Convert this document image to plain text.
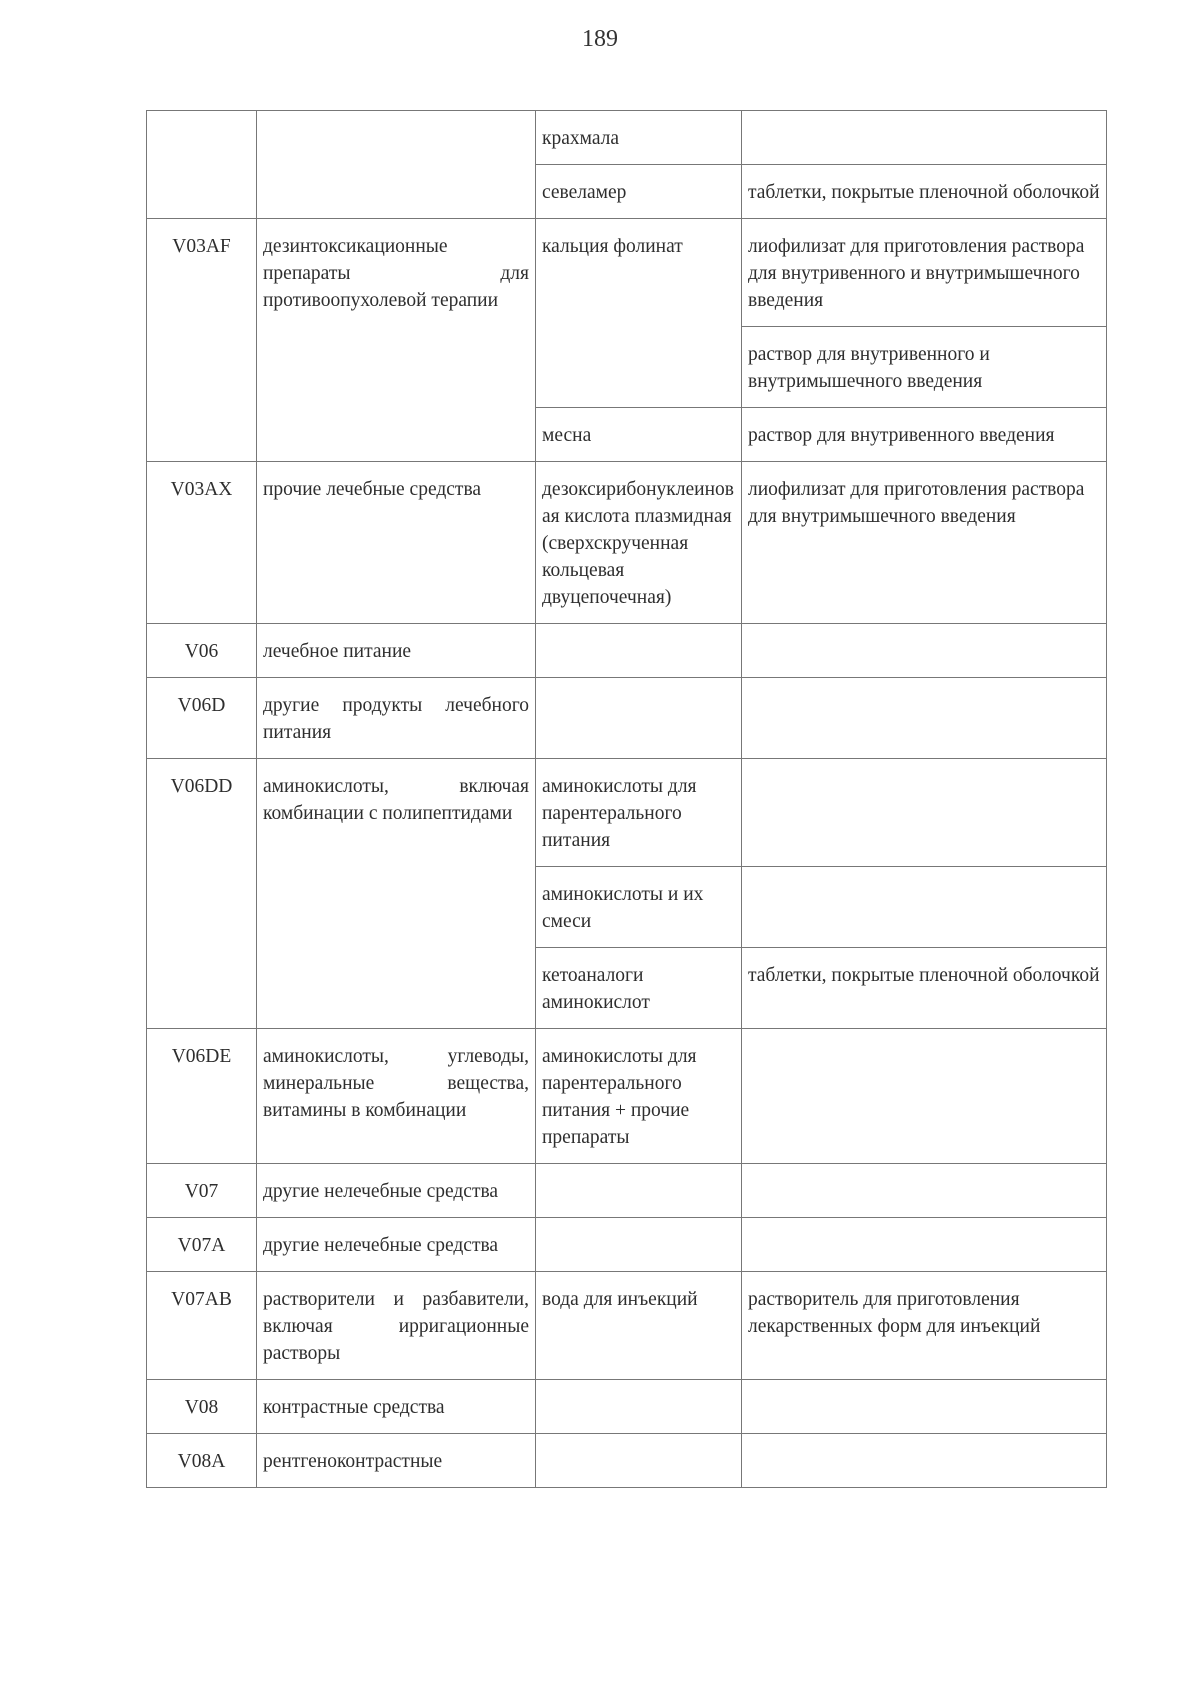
189
		крахмала	
		севеламер	таблетки, покрытые пленочной оболочкой
V03AF	дезинтоксикационные препараты для противоопухолевой терапии	кальция фолинат	лиофилизат для приготовления раствора для внутривенного и внутримышечного введения
			раствор для внутривенного и внутримышечного введения
		месна	раствор для внутривенного введения
V03AX	прочие лечебные средства	дезоксирибонуклеиновая кислота плазмидная (сверхскрученная кольцевая двуцепочечная)	лиофилизат для приготовления раствора для внутримышечного введения
V06	лечебное питание		
V06D	другие продукты лечебного питания		
V06DD	аминокислоты, включая комбинации с полипептидами	аминокислоты для парентерального питания	
		аминокислоты и их смеси	
		кетоаналоги аминокислот	таблетки, покрытые пленочной оболочкой
V06DE	аминокислоты, углеводы, минеральные вещества, витамины в комбинации	аминокислоты для парентерального питания + прочие препараты	
V07	другие нелечебные средства		
V07A	другие нелечебные средства		
V07AB	растворители и разбавители, включая ирригационные растворы	вода для инъекций	растворитель для приготовления лекарственных форм для инъекций
V08	контрастные средства		
V08A	рентгеноконтрастные		
